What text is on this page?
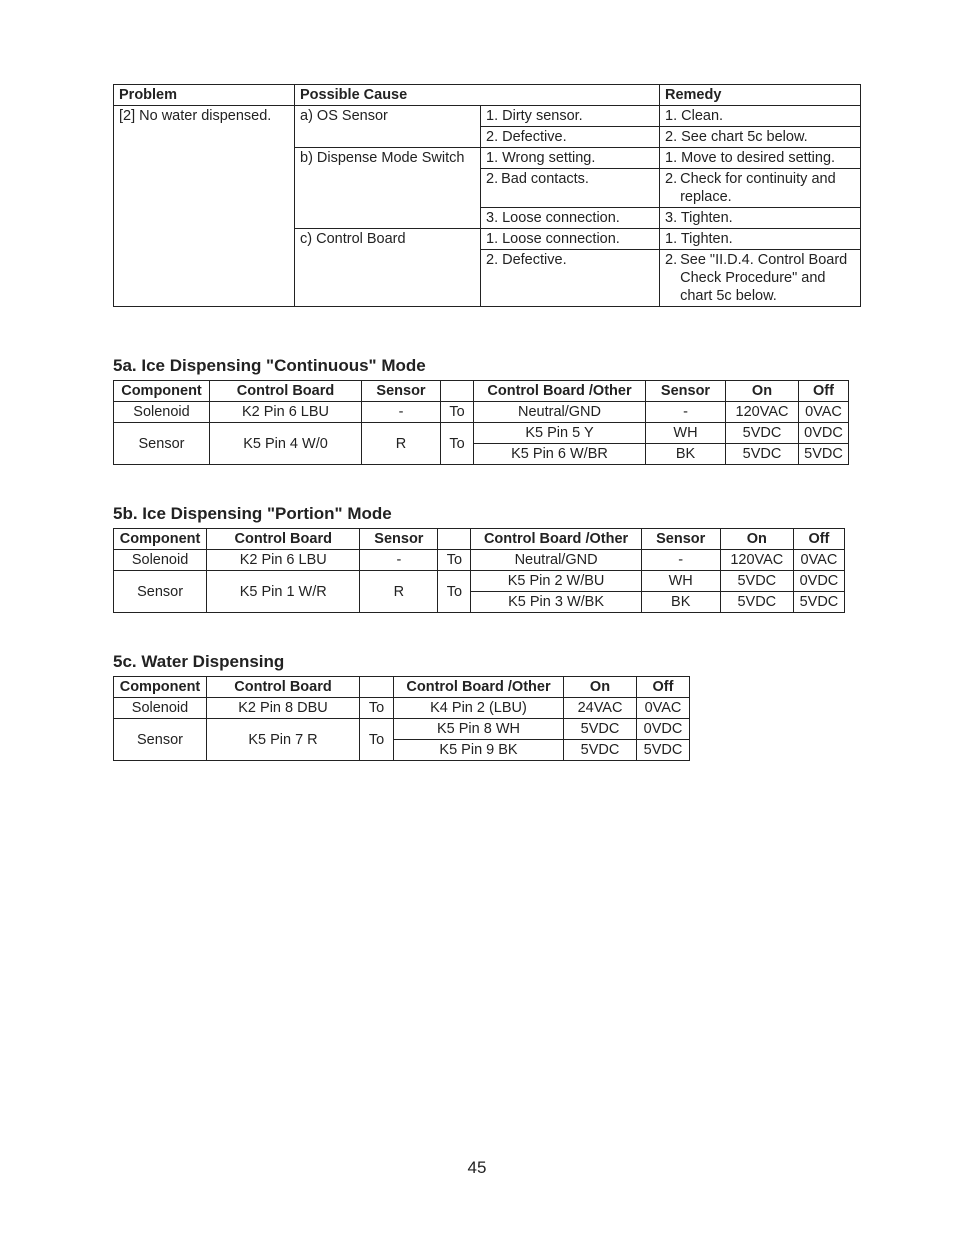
Problem	Possible Cause		Remedy
[2] No water dispensed.	a) OS Sensor	1. Dirty sensor.	1. Clean.
		2. Defective.	2. See chart 5c below.
	b) Dispense Mode Switch	1. Wrong setting.	1. Move to desired setting.

		2. Bad contacts.	2. Check for continuity and replace.

		3. Loose connection.	3. Tighten.
	c) Control Board	1. Loose connection.	1. Tighten.
		2. Defective.	2. See "II.D.4. Control Board Check Procedure" and chart 5c below.
5a. Ice Dispensing "Continuous" Mode
Component	Control Board	Sensor		Control Board /Other	Sensor	On	Off
Solenoid	K2 Pin 6 LBU	-	To	Neutral/GND	-	120VAC	0VAC
Sensor	K5 Pin 4 W/0	R	To	K5 Pin 5 Y	WH	5VDC	0VDC
				K5 Pin 6 W/BR	BK	5VDC	5VDC
5b. Ice Dispensing "Portion" Mode
Component	Control Board	Sensor		Control Board /Other	Sensor	On	Off
Solenoid	K2 Pin 6 LBU	-	To	Neutral/GND	-	120VAC	0VAC
Sensor	K5 Pin 1 W/R	R	To	K5 Pin 2 W/BU	WH	5VDC	0VDC
				K5 Pin 3 W/BK	BK	5VDC	5VDC
5c. Water Dispensing
Component	Control Board		Control Board /Other	On	Off
Solenoid	K2 Pin 8 DBU	To	K4 Pin 2 (LBU)	24VAC	0VAC
Sensor	K5 Pin 7 R	To	K5 Pin 8 WH	5VDC	0VDC
			K5 Pin 9 BK	5VDC	5VDC
45
